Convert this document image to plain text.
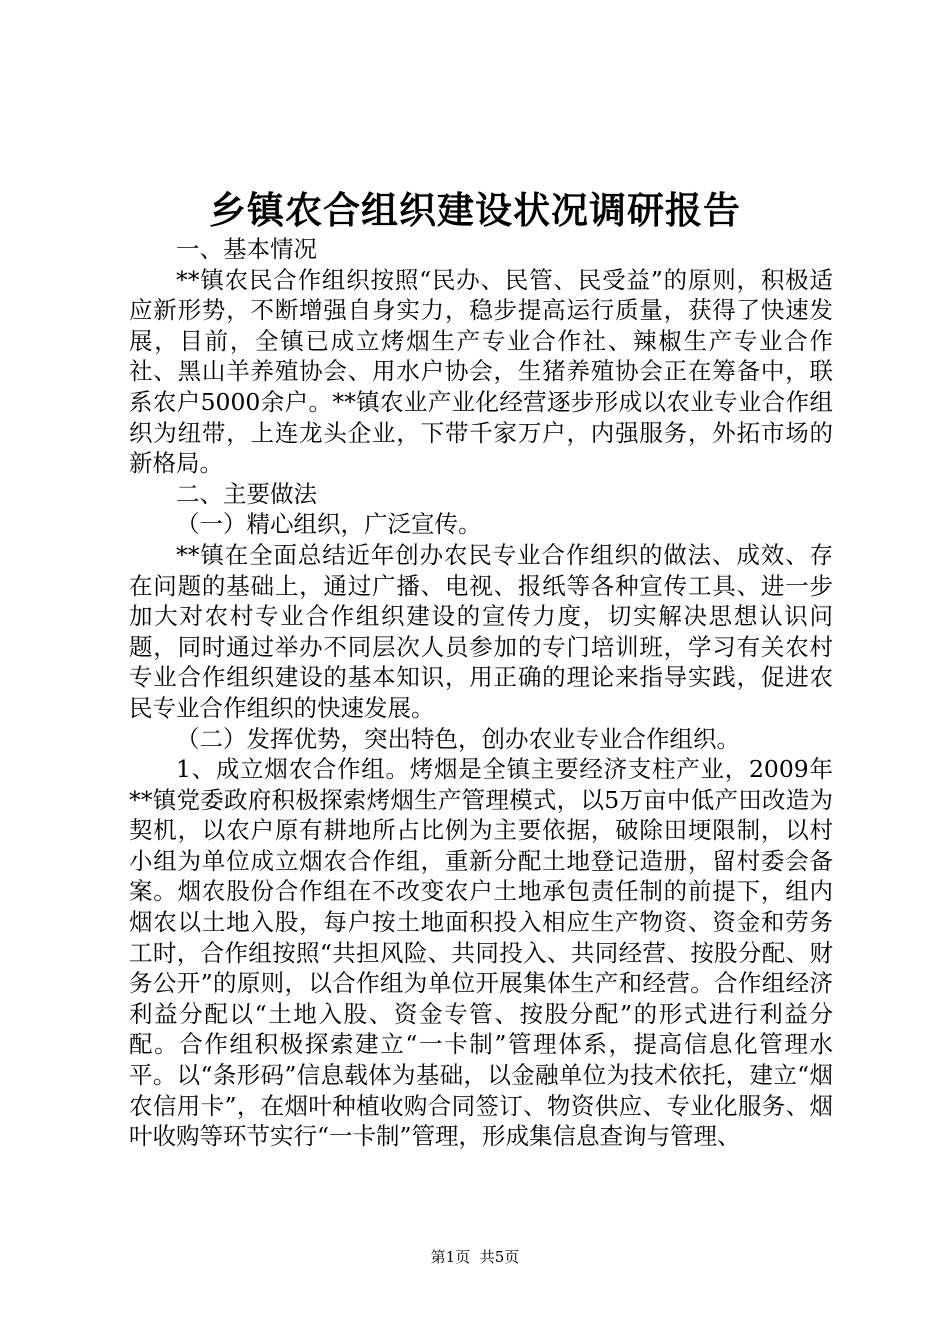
乡镇农合组织建设状况调研报告

一、基本情况

**镇农民合作组织按照“民办、民管、民受益”的原则，积极适应新形势，不断增强自身实力，稳步提高运行质量，获得了快速发展，目前，全镇已成立烤烟生产专业合作社、辣椒生产专业合作社、黑山羊养殖协会、用水户协会，生猪养殖协会正在筹备中，联系农户5000余户。**镇农业产业化经营逐步形成以农业专业合作组织为纽带，上连龙头企业，下带千家万户，内强服务，外拓市场的新格局。

二、主要做法

（一）精心组织，广泛宣传。

**镇在全面总结近年创办农民专业合作组织的做法、成效、存在问题的基础上，通过广播、电视、报纸等各种宣传工具、进一步加大对农村专业合作组织建设的宣传力度，切实解决思想认识问题，同时通过举办不同层次人员参加的专门培训班，学习有关农村专业合作组织建设的基本知识，用正确的理论来指导实践，促进农民专业合作组织的快速发展。

（二）发挥优势，突出特色，创办农业专业合作组织。

1、成立烟农合作组。烤烟是全镇主要经济支柱产业，2009年**镇党委政府积极探索烤烟生产管理模式，以5万亩中低产田改造为契机，以农户原有耕地所占比例为主要依据，破除田埂限制，以村小组为单位成立烟农合作组，重新分配土地登记造册，留村委会备案。烟农股份合作组在不改变农户土地承包责任制的前提下，组内烟农以土地入股，每户按土地面积投入相应生产物资、资金和劳务工时，合作组按照“共担风险、共同投入、共同经营、按股分配、财务公开”的原则，以合作组为单位开展集体生产和经营。合作组经济利益分配以“土地入股、资金专管、按股分配”的形式进行利益分配。合作组积极探索建立“一卡制”管理体系，提高信息化管理水平。以“条形码”信息载体为基础，以金融单位为技术依托，建立“烟农信用卡”，在烟叶种植收购合同签订、物资供应、专业化服务、烟叶收购等环节实行“一卡制”管理，形成集信息查询与管理、

第1页 共5页
